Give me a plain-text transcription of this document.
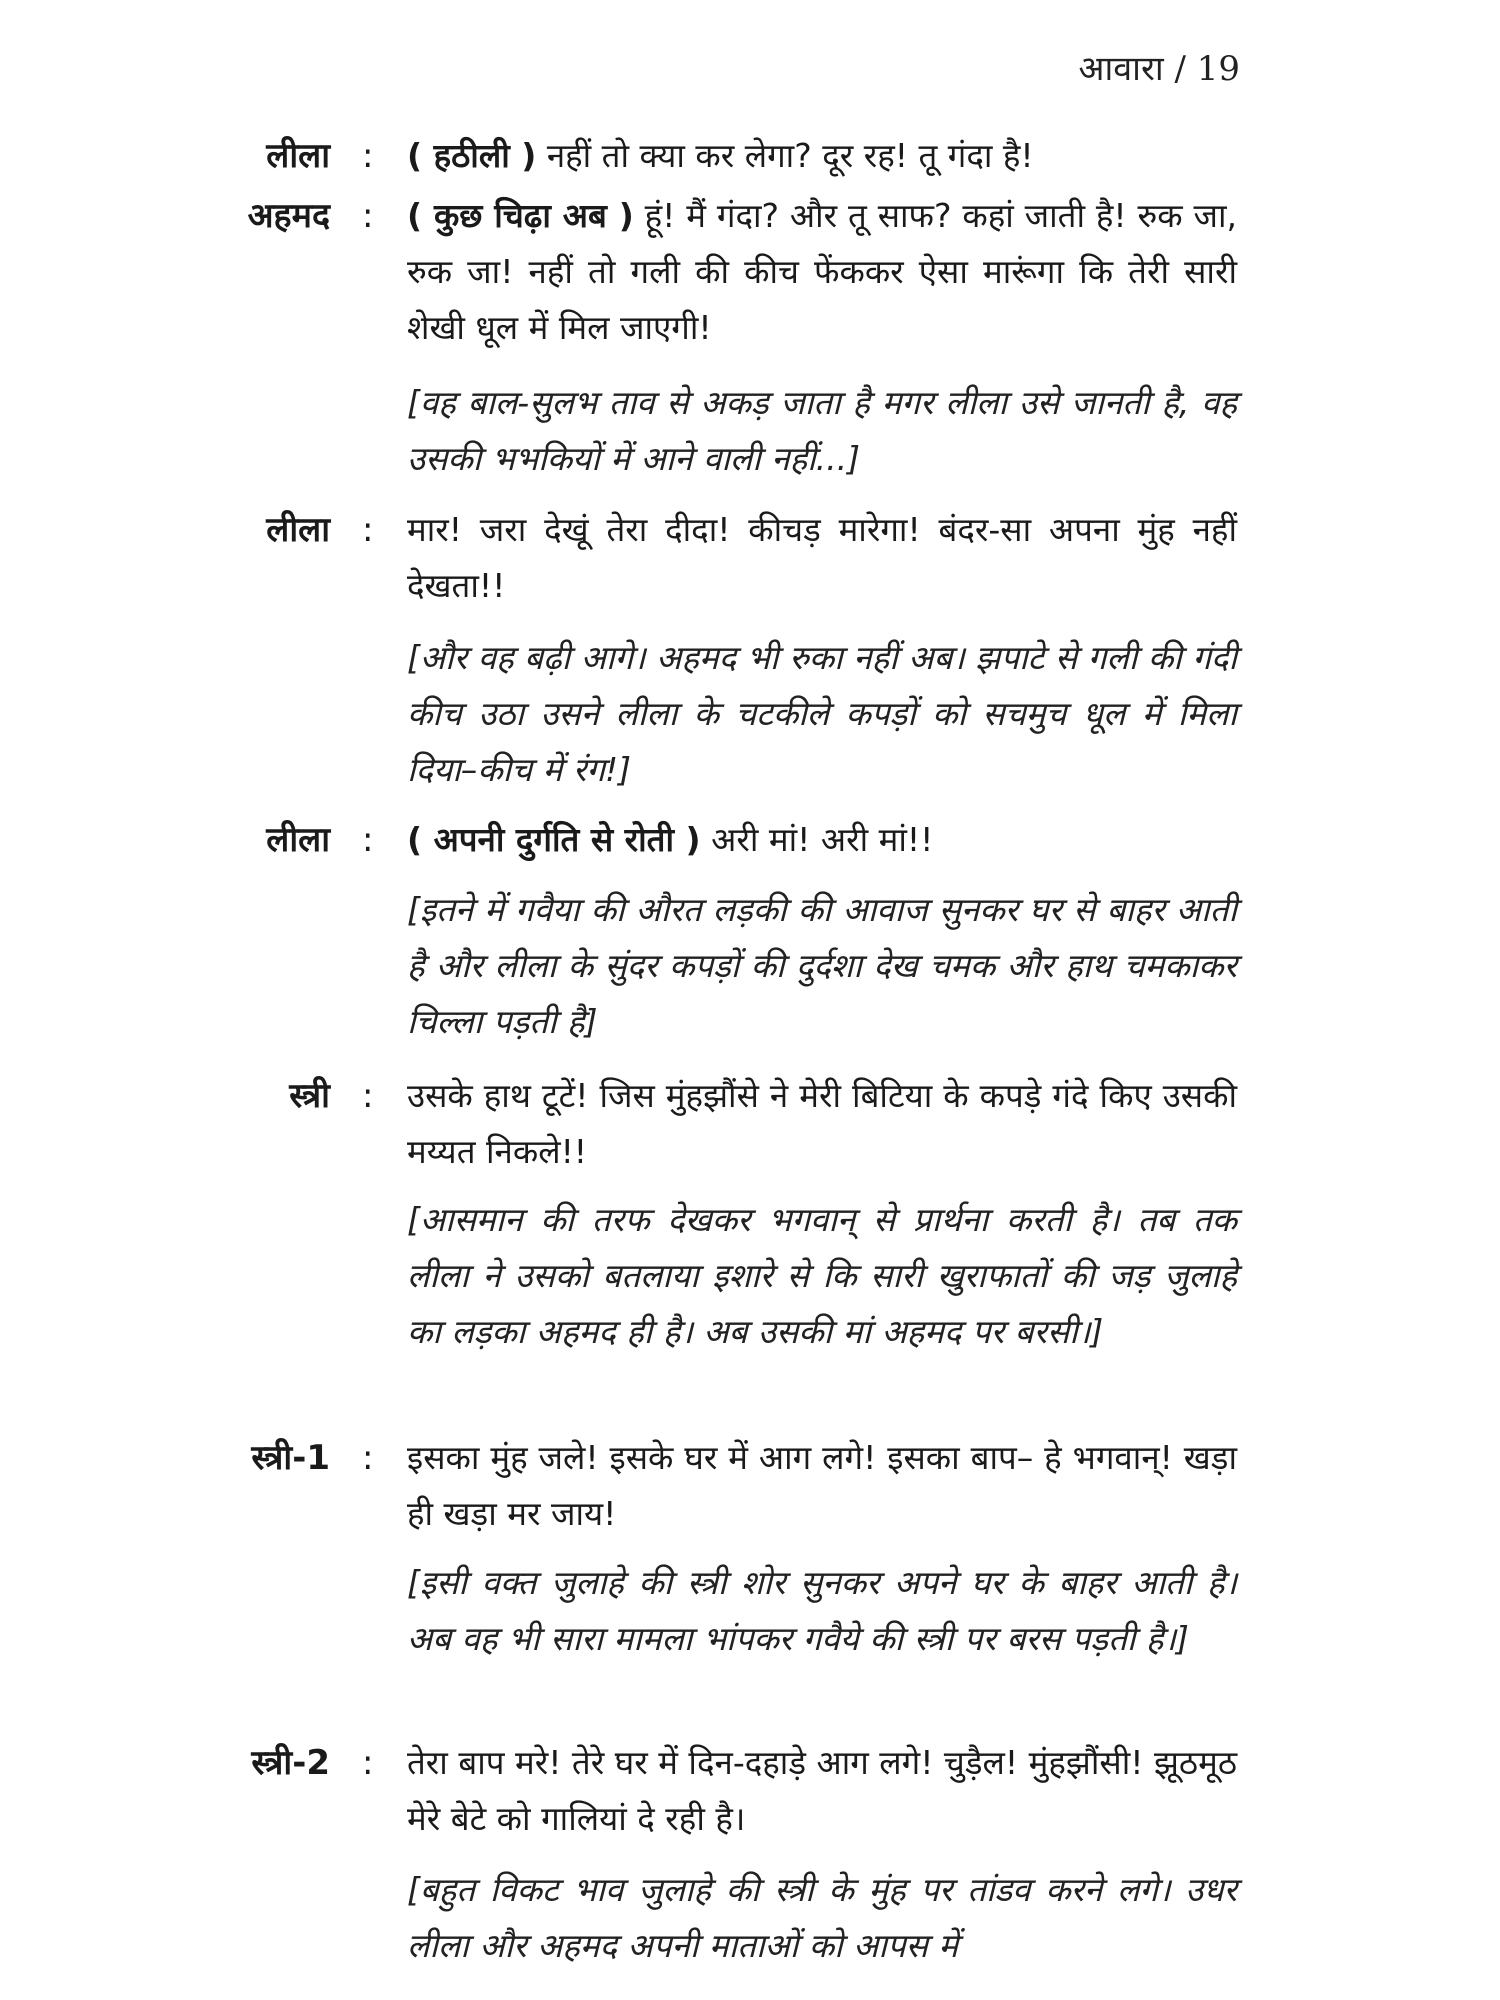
आवारा / 19
लीला : ( हठीली ) नहीं तो क्या कर लेगा? दूर रह! तू गंदा है!
अहमद : ( कुछ चिढ़ा अब ) हूं! मैं गंदा? और तू साफ? कहां जाती है! रुक जा, रुक जा! नहीं तो गली की कीच फेंककर ऐसा मारूंगा कि तेरी सारी शेखी धूल में मिल जाएगी!
[वह बाल-सुलभ ताव से अकड़ जाता है मगर लीला उसे जानती है, वह उसकी भभकियों में आने वाली नहीं...]
लीला : मार! जरा देखूं तेरा दीदा! कीचड़ मारेगा! बंदर-सा अपना मुंह नहीं देखता!!
[और वह बढ़ी आगे। अहमद भी रुका नहीं अब। झपाटे से गली की गंदी कीच उठा उसने लीला के चटकीले कपड़ों को सचमुच धूल में मिला दिया–कीच में रंग!]
लीला : ( अपनी दुर्गति से रोती ) अरी मां! अरी मां!!
[इतने में गवैया की औरत लड़की की आवाज सुनकर घर से बाहर आती है और लीला के सुंदर कपड़ों की दुर्दशा देख चमक और हाथ चमकाकर चिल्ला पड़ती है]
स्त्री : उसके हाथ टूटें! जिस मुंहझौंसे ने मेरी बिटिया के कपड़े गंदे किए उसकी मय्यत निकले!!
[आसमान की तरफ देखकर भगवान् से प्रार्थना करती है। तब तक लीला ने उसको बतलाया इशारे से कि सारी खुराफातों की जड़ जुलाहे का लड़का अहमद ही है। अब उसकी मां अहमद पर बरसी।]
स्त्री-1 : इसका मुंह जले! इसके घर में आग लगे! इसका बाप– हे भगवान्! खड़ा ही खड़ा मर जाय!
[इसी वक्त जुलाहे की स्त्री शोर सुनकर अपने घर के बाहर आती है। अब वह भी सारा मामला भांपकर गवैये की स्त्री पर बरस पड़ती है।]
स्त्री-2 : तेरा बाप मरे! तेरे घर में दिन-दहाड़े आग लगे! चुड़ैल! मुंहझौंसी! झूठमूठ मेरे बेटे को गालियां दे रही है।
[बहुत विकट भाव जुलाहे की स्त्री के मुंह पर तांडव करने लगे। उधर लीला और अहमद अपनी माताओं को आपस में
